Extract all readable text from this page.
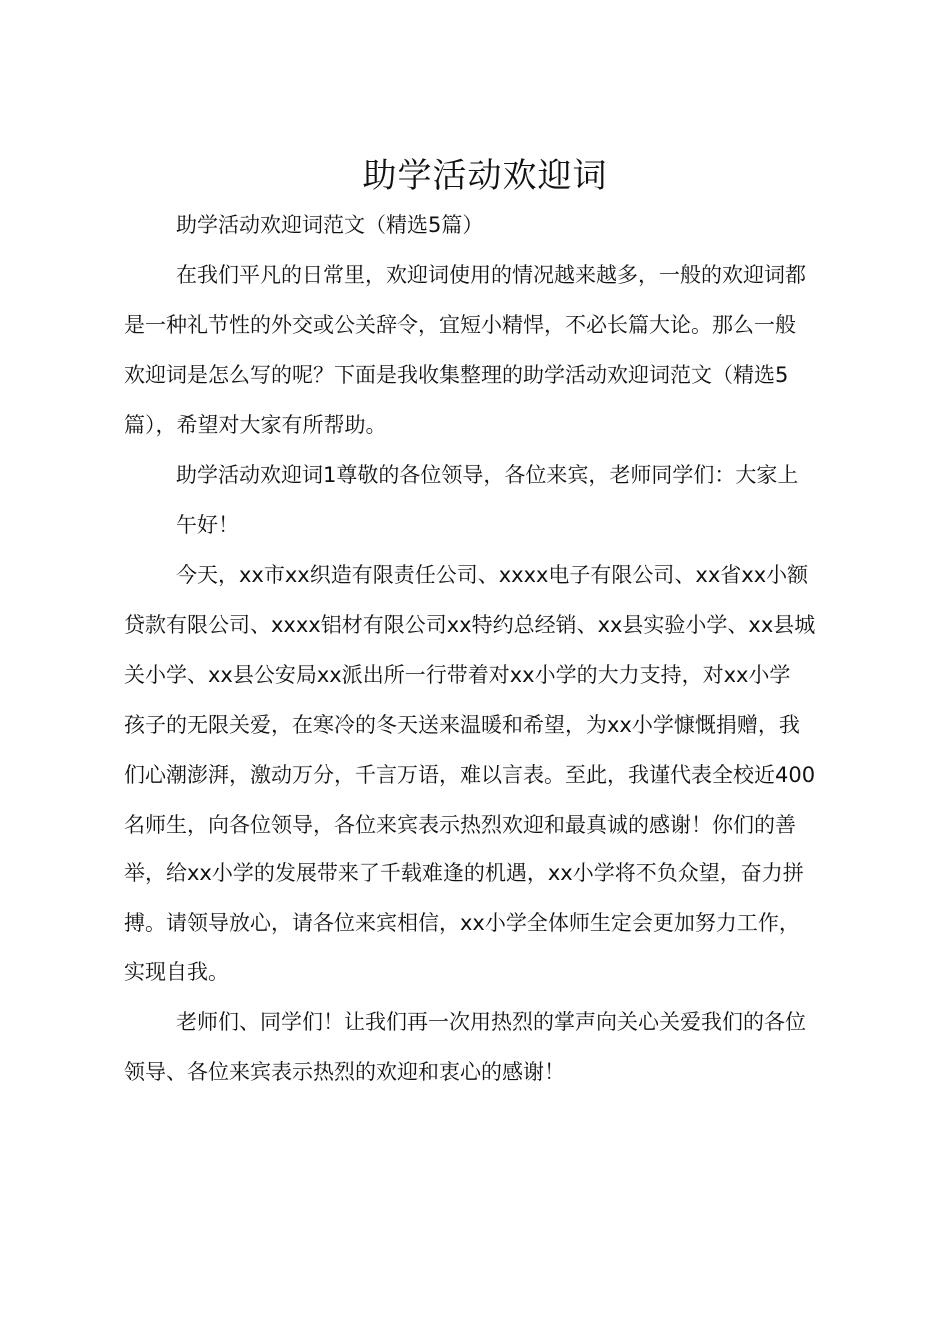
助学活动欢迎词
助学活动欢迎词范文（精选5篇）
在我们平凡的日常里，欢迎词使用的情况越来越多，一般的欢迎词都
是一种礼节性的外交或公关辞令，宜短小精悍，不必长篇大论。那么一般
欢迎词是怎么写的呢？下面是我收集整理的助学活动欢迎词范文（精选5
篇），希望对大家有所帮助。
助学活动欢迎词1尊敬的各位领导，各位来宾，老师同学们：大家上
午好！
今天，xx市xx织造有限责任公司、xxxx电子有限公司、xx省xx小额
贷款有限公司、xxxx铝材有限公司xx特约总经销、xx县实验小学、xx县城
关小学、xx县公安局xx派出所一行带着对xx小学的大力支持，对xx小学
孩子的无限关爱，在寒冷的冬天送来温暖和希望，为xx小学慷慨捐赠，我
们心潮澎湃，激动万分，千言万语，难以言表。至此，我谨代表全校近400
名师生，向各位领导，各位来宾表示热烈欢迎和最真诚的感谢！你们的善
举，给xx小学的发展带来了千载难逢的机遇，xx小学将不负众望，奋力拼
搏。请领导放心，请各位来宾相信，xx小学全体师生定会更加努力工作，
实现自我。
老师们、同学们！让我们再一次用热烈的掌声向关心关爱我们的各位
领导、各位来宾表示热烈的欢迎和衷心的感谢！
